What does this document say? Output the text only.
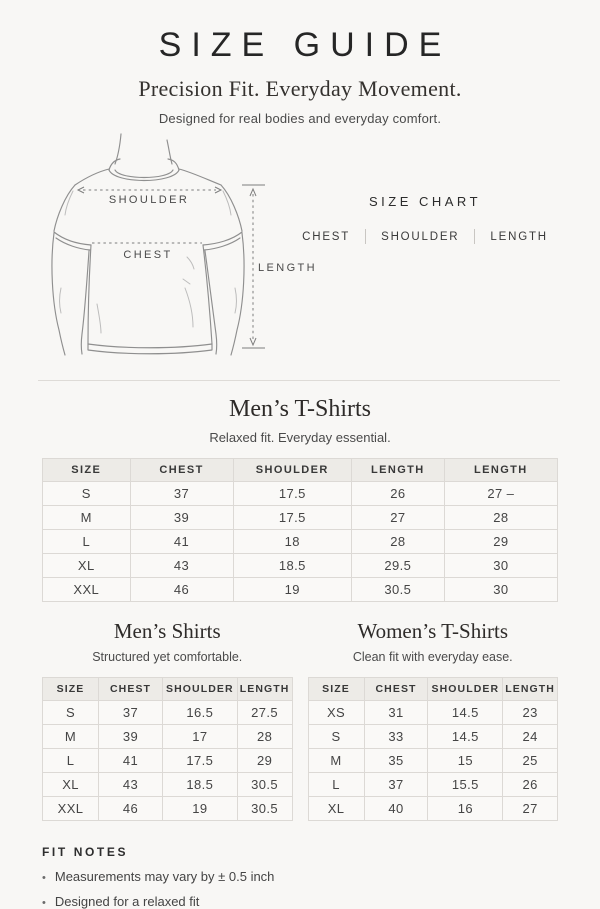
SIZE GUIDE
Precision Fit. Everyday Movement.
Designed for real bodies and everyday comfort.
SHOULDER
CHEST
LENGTH
SIZE CHART
CHEST	SHOULDER	LENGTH
Men’s T-Shirts
Relaxed fit. Everyday essential.
SIZE	CHEST	SHOULDER	LENGTH	LENGTH
S	37	17.5	26	27 –
M	39	17.5	27	28
L	41	18	28	29
XL	43	18.5	29.5	30
XXL	46	19	30.5	30
Men’s Shirts
Structured yet comfortable.
SIZE	CHEST	SHOULDER	LENGTH
S	37	16.5	27.5
M	39	17	28
L	41	17.5	29
XL	43	18.5	30.5
XXL	46	19	30.5
Women’s T-Shirts
Clean fit with everyday ease.
SIZE	CHEST	SHOULDER	LENGTH
XS	31	14.5	23
S	33	14.5	24
M	35	15	25
L	37	15.5	26
XL	40	16	27
FIT NOTES
• Measurements may vary by ± 0.5 inch
• Designed for a relaxed fit
